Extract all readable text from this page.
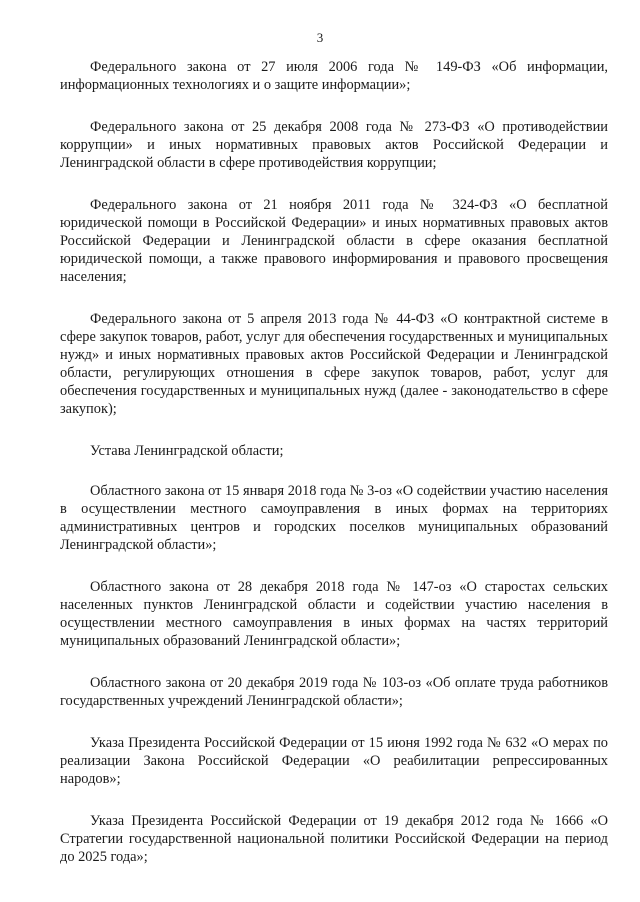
3

Федерального закона от 27 июля 2006 года № 149-ФЗ «Об информации, информационных технологиях и о защите информации»;

Федерального закона от 25 декабря 2008 года № 273-ФЗ «О противодействии коррупции» и иных нормативных правовых актов Российской Федерации и Ленинградской области в сфере противодействия коррупции;

Федерального закона от 21 ноября 2011 года № 324-ФЗ «О бесплатной юридической помощи в Российской Федерации» и иных нормативных правовых актов Российской Федерации и Ленинградской области в сфере оказания бесплатной юридической помощи, а также правового информирования и правового просвещения населения;

Федерального закона от 5 апреля 2013 года № 44-ФЗ «О контрактной системе в сфере закупок товаров, работ, услуг для обеспечения государственных и муниципальных нужд» и иных нормативных правовых актов Российской Федерации и Ленинградской области, регулирующих отношения в сфере закупок товаров, работ, услуг для обеспечения государственных и муниципальных нужд (далее - законодательство в сфере закупок);

Устава Ленинградской области;

Областного закона от 15 января 2018 года № 3-оз «О содействии участию населения в осуществлении местного самоуправления в иных формах на территориях административных центров и городских поселков муниципальных образований Ленинградской области»;

Областного закона от 28 декабря 2018 года № 147-оз «О старостах сельских населенных пунктов Ленинградской области и содействии участию населения в осуществлении местного самоуправления в иных формах на частях территорий муниципальных образований Ленинградской области»;

Областного закона от 20 декабря 2019 года № 103-оз «Об оплате труда работников государственных учреждений Ленинградской области»;

Указа Президента Российской Федерации от 15 июня 1992 года № 632 «О мерах по реализации Закона Российской Федерации «О реабилитации репрессированных народов»;

Указа Президента Российской Федерации от 19 декабря 2012 года № 1666 «О Стратегии государственной национальной политики Российской Федерации на период до 2025 года»;
